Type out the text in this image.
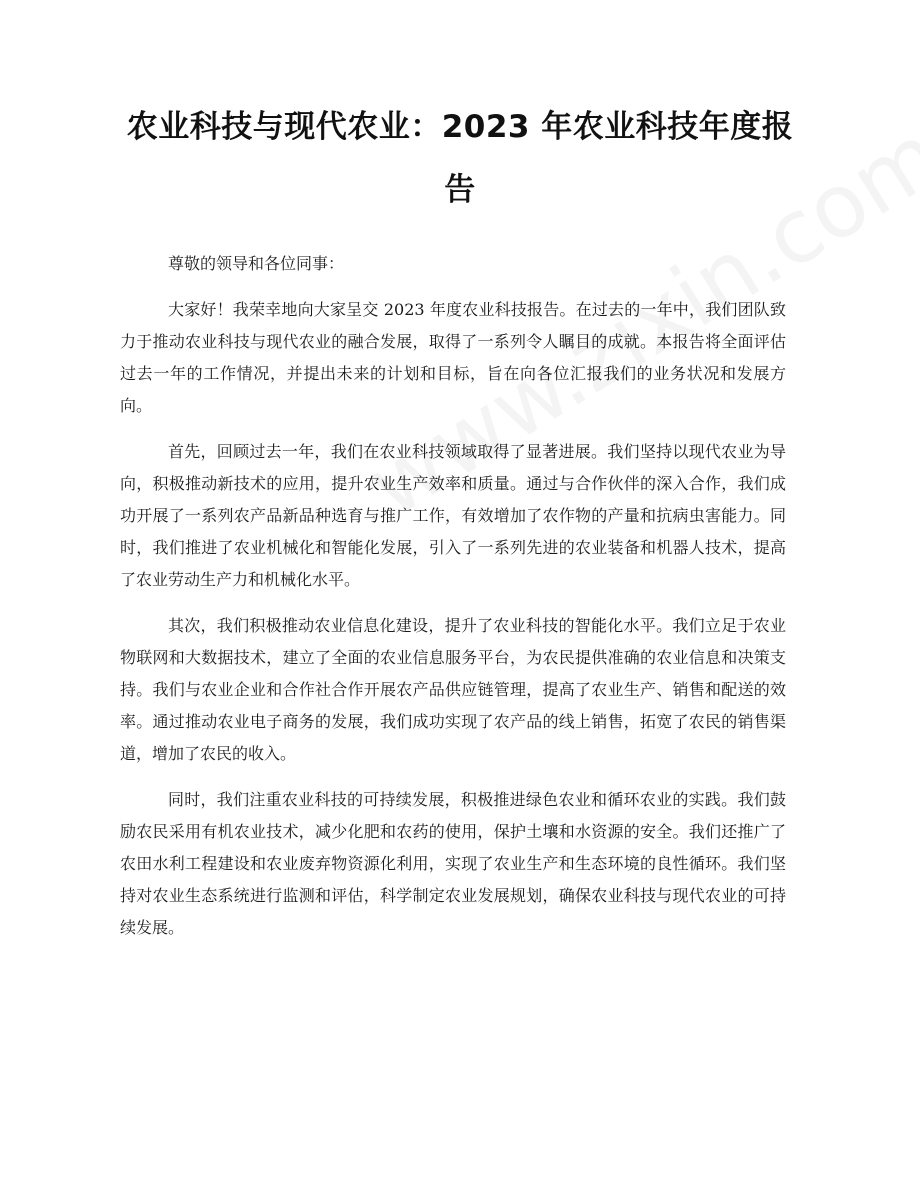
农业科技与现代农业：2023 年农业科技年度报告

尊敬的领导和各位同事：

大家好！我荣幸地向大家呈交 2023 年度农业科技报告。在过去的一年中，我们团队致力于推动农业科技与现代农业的融合发展，取得了一系列令人瞩目的成就。本报告将全面评估过去一年的工作情况，并提出未来的计划和目标，旨在向各位汇报我们的业务状况和发展方向。

首先，回顾过去一年，我们在农业科技领域取得了显著进展。我们坚持以现代农业为导向，积极推动新技术的应用，提升农业生产效率和质量。通过与合作伙伴的深入合作，我们成功开展了一系列农产品新品种选育与推广工作，有效增加了农作物的产量和抗病虫害能力。同时，我们推进了农业机械化和智能化发展，引入了一系列先进的农业装备和机器人技术，提高了农业劳动生产力和机械化水平。

其次，我们积极推动农业信息化建设，提升了农业科技的智能化水平。我们立足于农业物联网和大数据技术，建立了全面的农业信息服务平台，为农民提供准确的农业信息和决策支持。我们与农业企业和合作社合作开展农产品供应链管理，提高了农业生产、销售和配送的效率。通过推动农业电子商务的发展，我们成功实现了农产品的线上销售，拓宽了农民的销售渠道，增加了农民的收入。

同时，我们注重农业科技的可持续发展，积极推进绿色农业和循环农业的实践。我们鼓励农民采用有机农业技术，减少化肥和农药的使用，保护土壤和水资源的安全。我们还推广了农田水利工程建设和农业废弃物资源化利用，实现了农业生产和生态环境的良性循环。我们坚持对农业生态系统进行监测和评估，科学制定农业发展规划，确保农业科技与现代农业的可持续发展。
